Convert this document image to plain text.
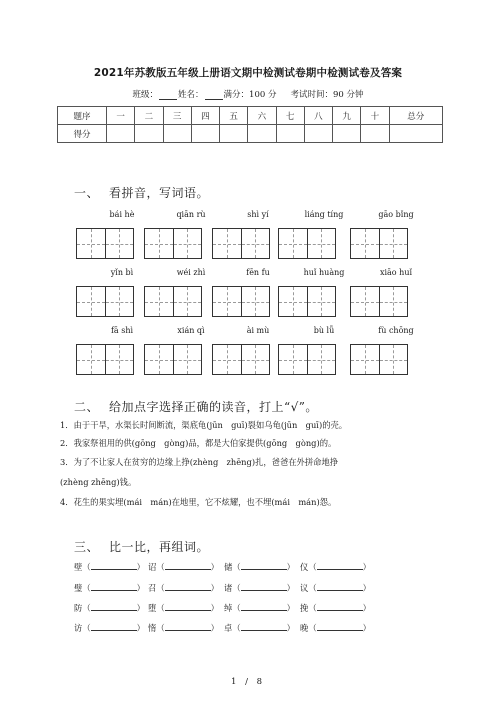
2021年苏教版五年级上册语文期中检测试卷期中检测试卷及答案
班级： 姓名： 满分：100 分 考试时间：90 分钟
题序	一	二	三	四	五	六	七	八	九	十	总分
得分											
一、 看拼音，写词语。
bái hè	qiān rù	shì yí	liáng tíng	gāo bǐng
yǐn bì	wéi zhì	fēn fu	huǐ huàng	xiāo huǐ
fā shì	xián qì	ài mù	bù lǚ	fù chōng
二、 给加点字选择正确的读音，打上“√”。
1．由于干旱，水渠长时间断流，渠底龟(jūn　guī)裂如乌龟(jūn　guī)的壳。
2．我家祭祖用的供(gōng　gòng)品，都是大伯家提供(gōng　gòng)的。
3．为了不让家人在贫穷的边缘上挣(zhèng　zhēng)扎，爸爸在外拼命地挣
(zhèng zhēng)钱。
4．花生的果实埋(mái　mán)在地里，它不炫耀，也不埋(mái　mán)怨。
三、 比一比，再组词。
壁（	） 诏（	） 储（	） 仪（	）
璧（	） 召（	） 诸（	） 议（	）
防（	） 堕（	） 绰（	） 挽（	）
访（	） 惰（	） 卓（	） 晚（	）
1 / 8
